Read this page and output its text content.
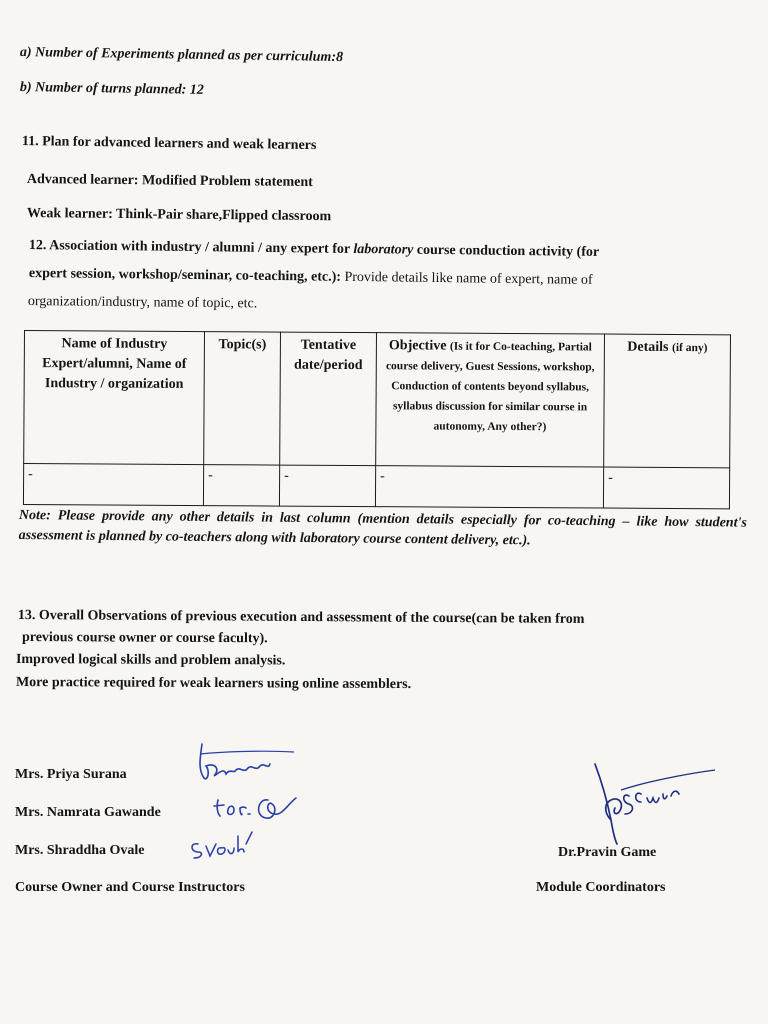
a) Number of Experiments planned as per curriculum:8
b) Number of turns planned: 12
11. Plan for advanced learners and weak learners
Advanced learner: Modified Problem statement
Weak learner: Think-Pair share,Flipped classroom
12. Association with industry / alumni / any expert for laboratory course conduction activity (for
expert session, workshop/seminar, co-teaching, etc.): Provide details like name of expert, name of
organization/industry, name of topic, etc.
Name of Industry Expert/alumni, Name of Industry / organization	Topic(s)	Tentative date/period	Objective (Is it for Co-teaching, Partial course delivery, Guest Sessions, workshop, Conduction of contents beyond syllabus, syllabus discussion for similar course in autonomy, Any other?)	Details (if any)
-	-	-	-	-
Note: Please provide any other details in last column (mention details especially for co-teaching – like how student's assessment is planned by co-teachers along with laboratory course content delivery, etc.).
13. Overall Observations of previous execution and assessment of the course(can be taken from
previous course owner or course faculty).
Improved logical skills and problem analysis.
More practice required for weak learners using online assemblers.
Mrs. Priya Surana
Mrs. Namrata Gawande
Mrs. Shraddha Ovale
Course Owner and Course Instructors
Dr.Pravin Game
Module Coordinators
